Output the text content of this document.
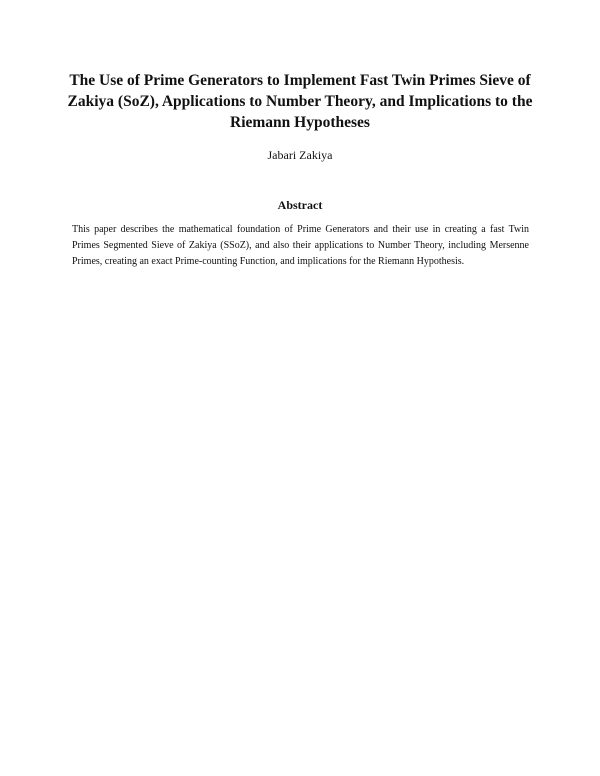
The Use of Prime Generators to Implement Fast Twin Primes Sieve of Zakiya (SoZ), Applications to Number Theory, and Implications to the Riemann Hypotheses

Jabari Zakiya

Abstract

This paper describes the mathematical foundation of Prime Generators and their use in creating a fast Twin Primes Segmented Sieve of Zakiya (SSoZ), and also their applications to Number Theory, including Mersenne Primes, creating an exact Prime-counting Function, and implications for the Riemann Hypothesis.
